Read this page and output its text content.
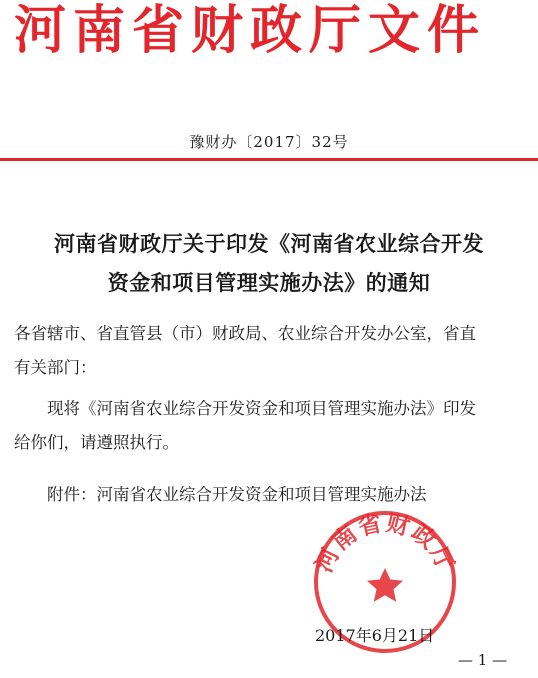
河南省财政厅文件
豫财办〔2017〕32号
河南省财政厅关于印发《河南省农业综合开发
资金和项目管理实施办法》的通知
各省辖市、省直管县（市）财政局、农业综合开发办公室，省直
有关部门：
现将《河南省农业综合开发资金和项目管理实施办法》印发
给你们，请遵照执行。
附件：河南省农业综合开发资金和项目管理实施办法
河南省财政厅
2017年6月21日
— 1 —
